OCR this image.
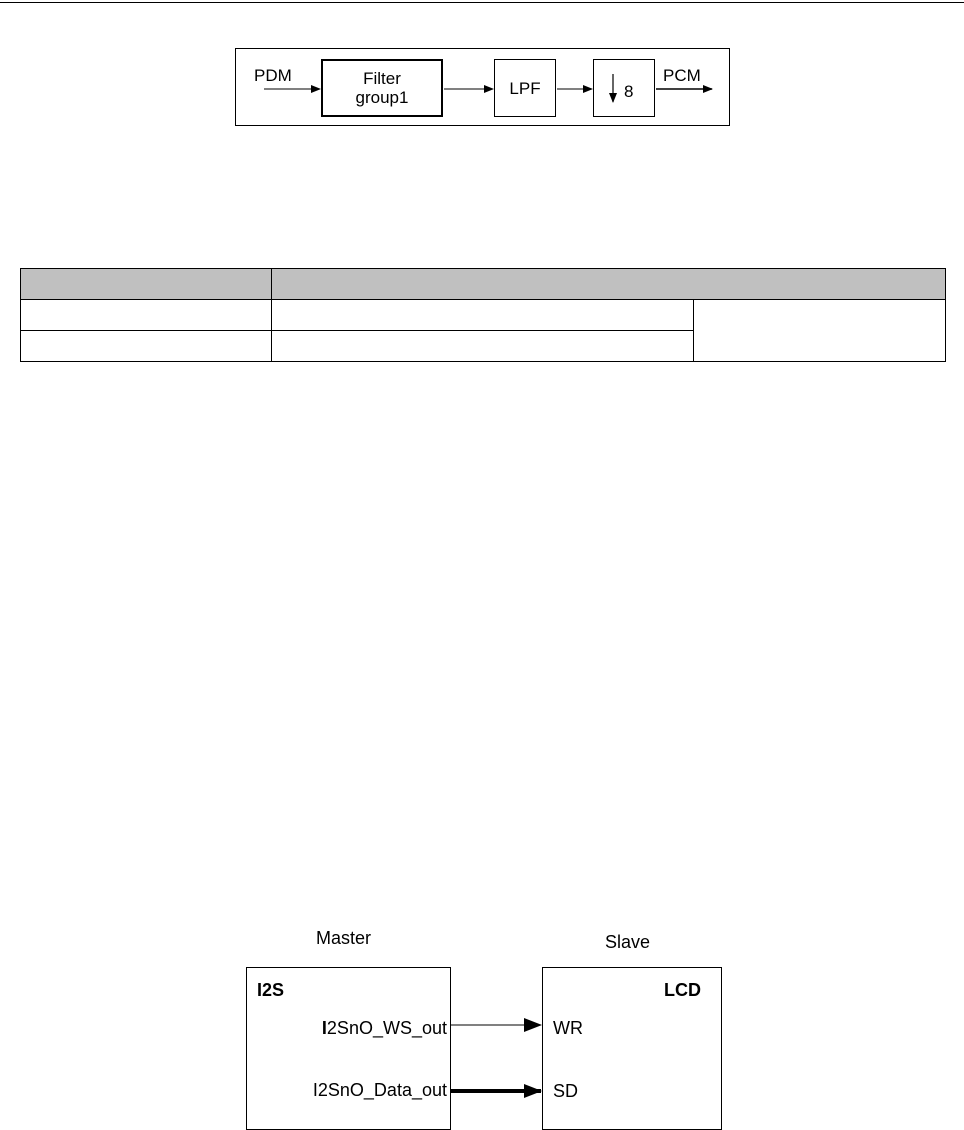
PDM	Filter
group1	LPF	8
PCM

Master	Slave
I2S
I2SnO_WS_out
I2SnO_Data_out
LCD
WR
SD
